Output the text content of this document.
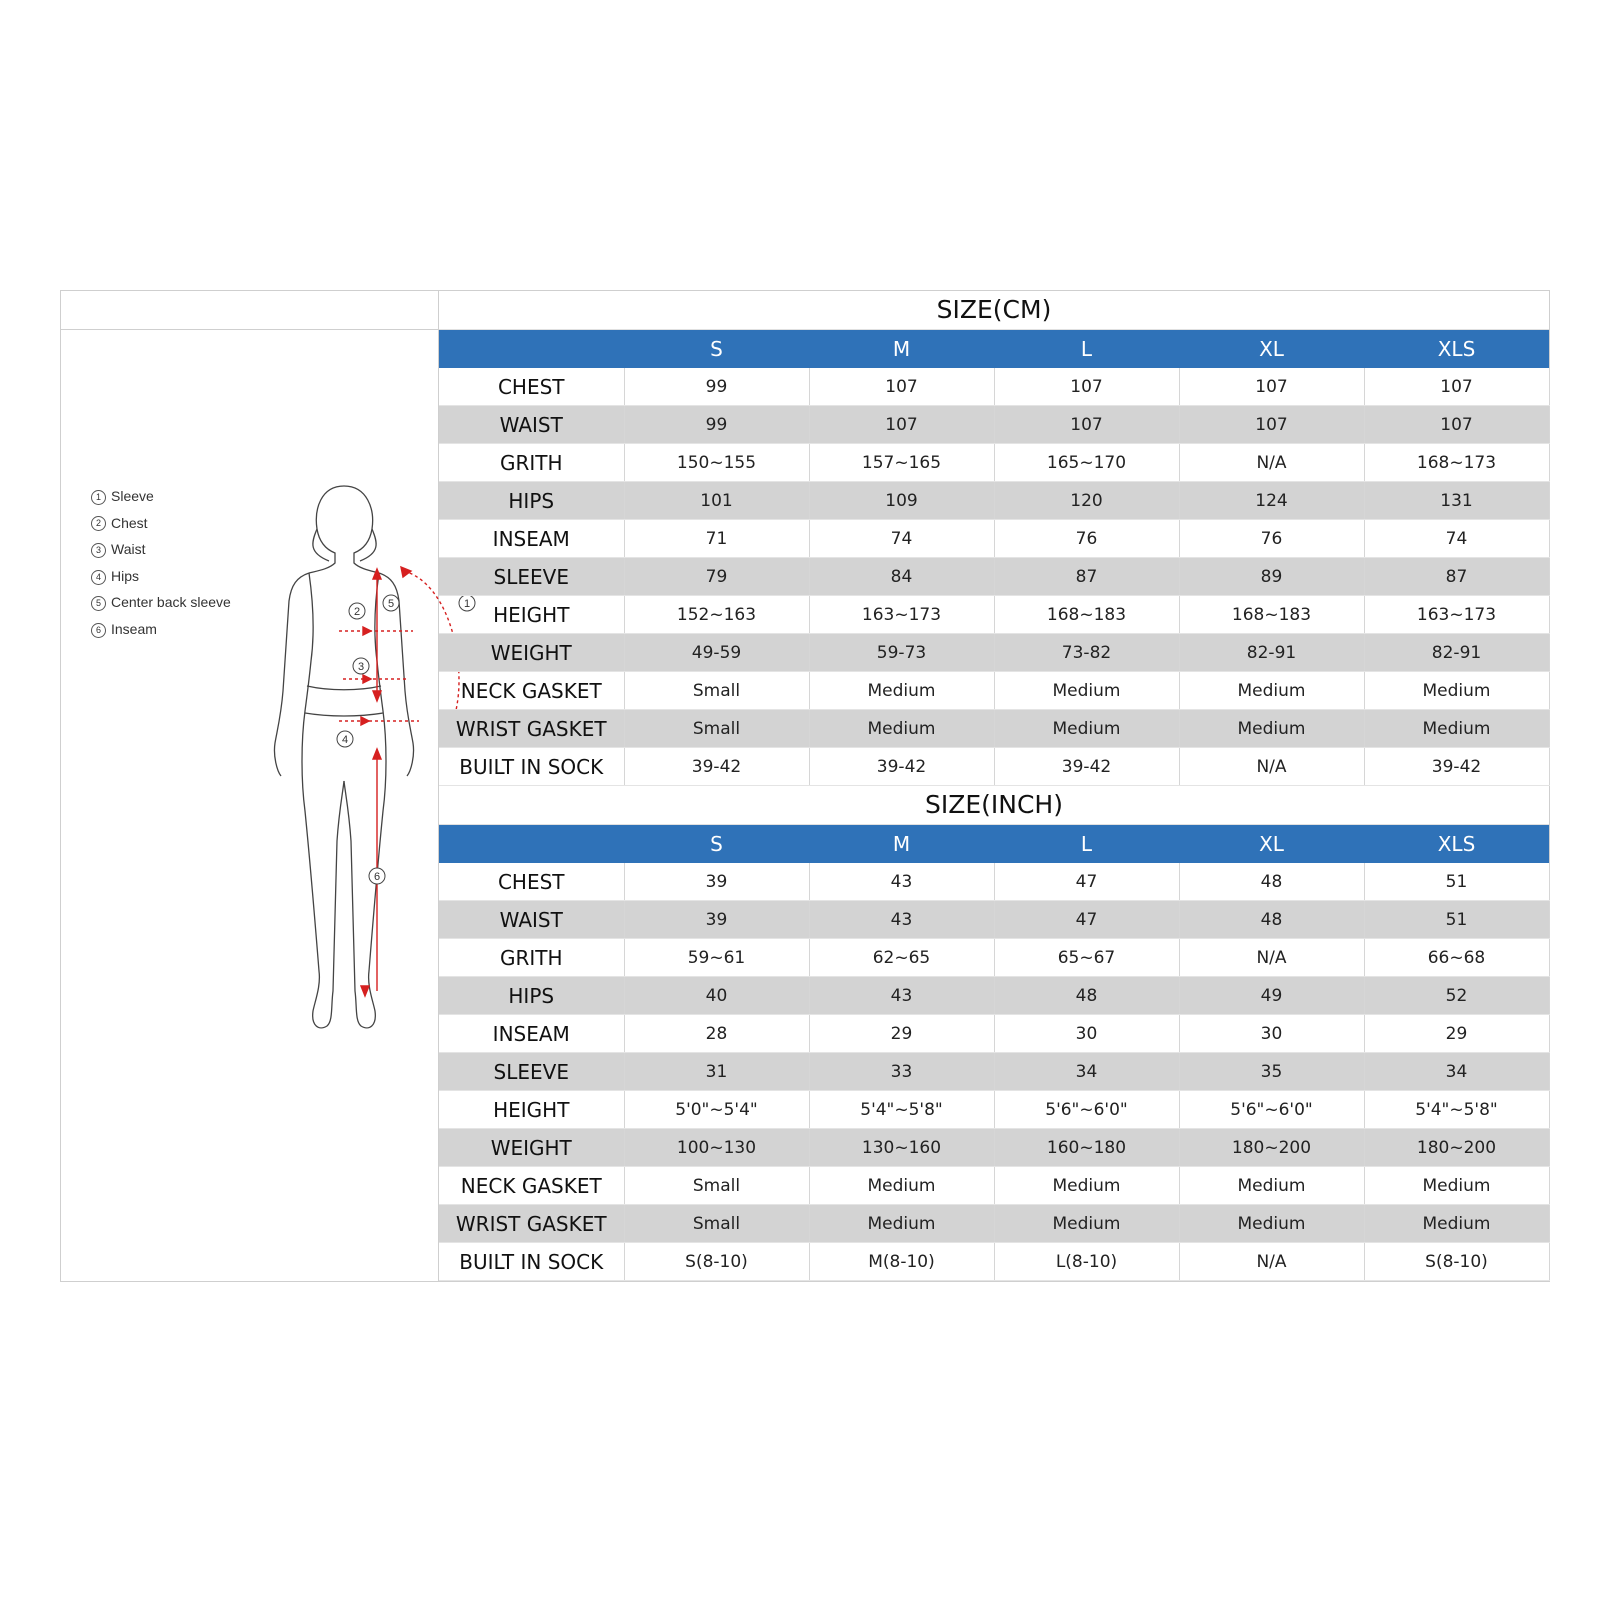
1 Sleeve
2 Chest
3 Waist
4 Hips
5 Center back sleeve
6 Inseam
1
2
3
4
5
6
SIZE(CM)
	S	M	L	XL	XLS
CHEST	99	107	107	107	107
WAIST	99	107	107	107	107
GRITH	150~155	157~165	165~170	N/A	168~173
HIPS	101	109	120	124	131
INSEAM	71	74	76	76	74
SLEEVE	79	84	87	89	87
HEIGHT	152~163	163~173	168~183	168~183	163~173
WEIGHT	49-59	59-73	73-82	82-91	82-91
NECK GASKET	Small	Medium	Medium	Medium	Medium
WRIST GASKET	Small	Medium	Medium	Medium	Medium
BUILT IN SOCK	39-42	39-42	39-42	N/A	39-42
SIZE(INCH)
	S	M	L	XL	XLS
CHEST	39	43	47	48	51
WAIST	39	43	47	48	51
GRITH	59~61	62~65	65~67	N/A	66~68
HIPS	40	43	48	49	52
INSEAM	28	29	30	30	29
SLEEVE	31	33	34	35	34
HEIGHT	5'0"~5'4"	5'4"~5'8"	5'6"~6'0"	5'6"~6'0"	5'4"~5'8"
WEIGHT	100~130	130~160	160~180	180~200	180~200
NECK GASKET	Small	Medium	Medium	Medium	Medium
WRIST GASKET	Small	Medium	Medium	Medium	Medium
BUILT IN SOCK	S(8-10)	M(8-10)	L(8-10)	N/A	S(8-10)
